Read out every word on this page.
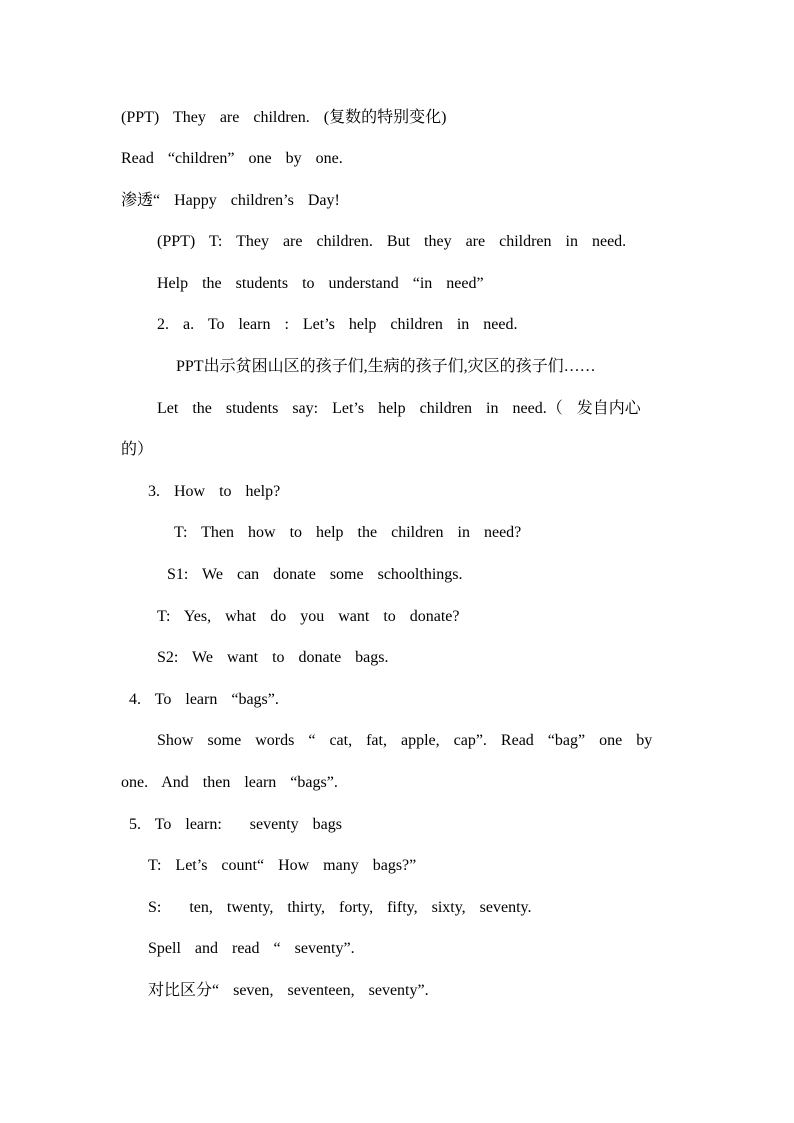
(PPT)  They  are  children.  (复数的特别变化)
Read  “children”  one  by  one.
渗透“  Happy  children’s  Day!
(PPT)  T:  They  are  children.  But  they  are  children  in  need.
Help  the  students  to  understand  “in  need”
2.  a.  To  learn  :  Let’s  help  children  in  need.
PPT出示贫困山区的孩子们,生病的孩子们,灾区的孩子们……
Let  the  students  say:  Let’s  help  children  in  need.（  发自内心
的）
3.  How  to  help?
T:  Then  how  to  help  the  children  in  need?
S1:  We  can  donate  some  schoolthings.
T:  Yes,  what  do  you  want  to  donate?
S2:  We  want  to  donate  bags.
4.  To  learn  “bags”.
Show  some  words  “  cat,  fat,  apple,  cap”.  Read  “bag”  one  by
one.  And  then  learn  “bags”.
5.  To  learn:    seventy  bags
T:  Let’s  count“  How  many  bags?”
S:    ten,  twenty,  thirty,  forty,  fifty,  sixty,  seventy.
Spell  and  read  “  seventy”.
对比区分“  seven,  seventeen,  seventy”.
